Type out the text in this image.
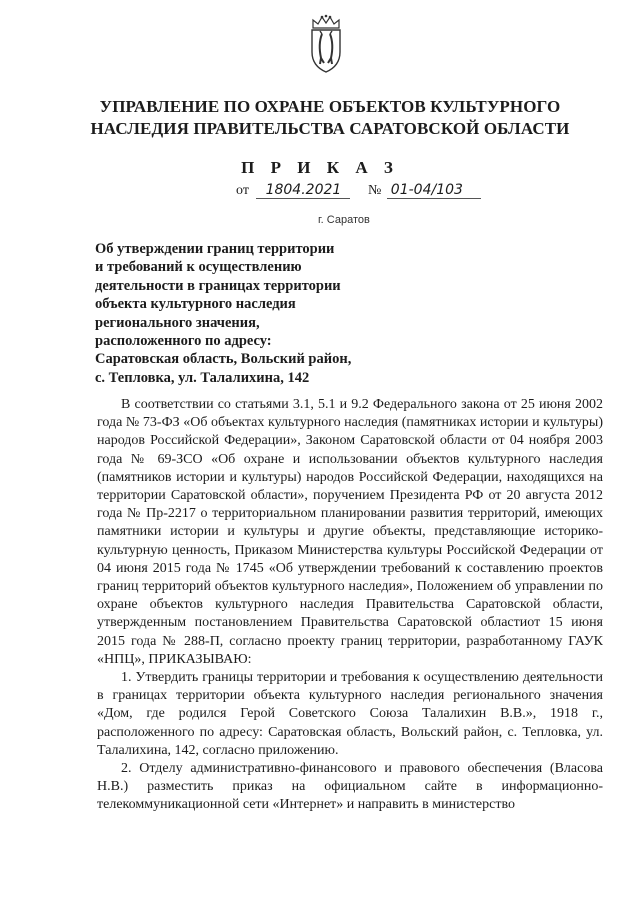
УПРАВЛЕНИЕ ПО ОХРАНЕ ОБЪЕКТОВ КУЛЬТУРНОГО
НАСЛЕДИЯ ПРАВИТЕЛЬСТВА САРАТОВСКОЙ ОБЛАСТИ
П Р И К А З
от 1804.2021 № 01-04/103
г. Саратов
Об утверждении границ территории
и требований к осуществлению
деятельности в границах территории
объекта культурного наследия
регионального значения,
расположенного по адресу:
Саратовская область, Вольский район,
с. Тепловка, ул. Талалихина, 142

В соответствии со статьями 3.1, 5.1 и 9.2 Федерального закона от 25 июня 2002 года № 73-ФЗ «Об объектах культурного наследия (памятниках истории и культуры) народов Российской Федерации», Законом Саратовской области от 04 ноября 2003 года № 69-ЗСО «Об охране и использовании объектов культурного наследия (памятников истории и культуры) народов Российской Федерации, находящихся на территории Саратовской области», поручением Президента РФ от 20 августа 2012 года № Пр-2217 о территориальном планировании развития территорий, имеющих памятники истории и культуры и другие объекты, представляющие историко-культурную ценность, Приказом Министерства культуры Российской Федерации от 04 июня 2015 года № 1745 «Об утверждении требований к составлению проектов границ территорий объектов культурного наследия», Положением об управлении по охране объектов культурного наследия Правительства Саратовской области, утвержденным постановлением Правительства Саратовской областиот 15 июня 2015 года № 288-П, согласно проекту границ территории, разработанному ГАУК «НПЦ», ПРИКАЗЫВАЮ:

1. Утвердить границы территории и требования к осуществлению деятельности в границах территории объекта культурного наследия регионального значения «Дом, где родился Герой Советского Союза Талалихин В.В.», 1918 г., расположенного по адресу: Саратовская область, Вольский район, с. Тепловка, ул. Талалихина, 142, согласно приложению.

2. Отделу административно-финансового и правового обеспечения (Власова Н.В.) разместить приказ на официальном сайте в информационно-телекоммуникационной сети «Интернет» и направить в министерство
